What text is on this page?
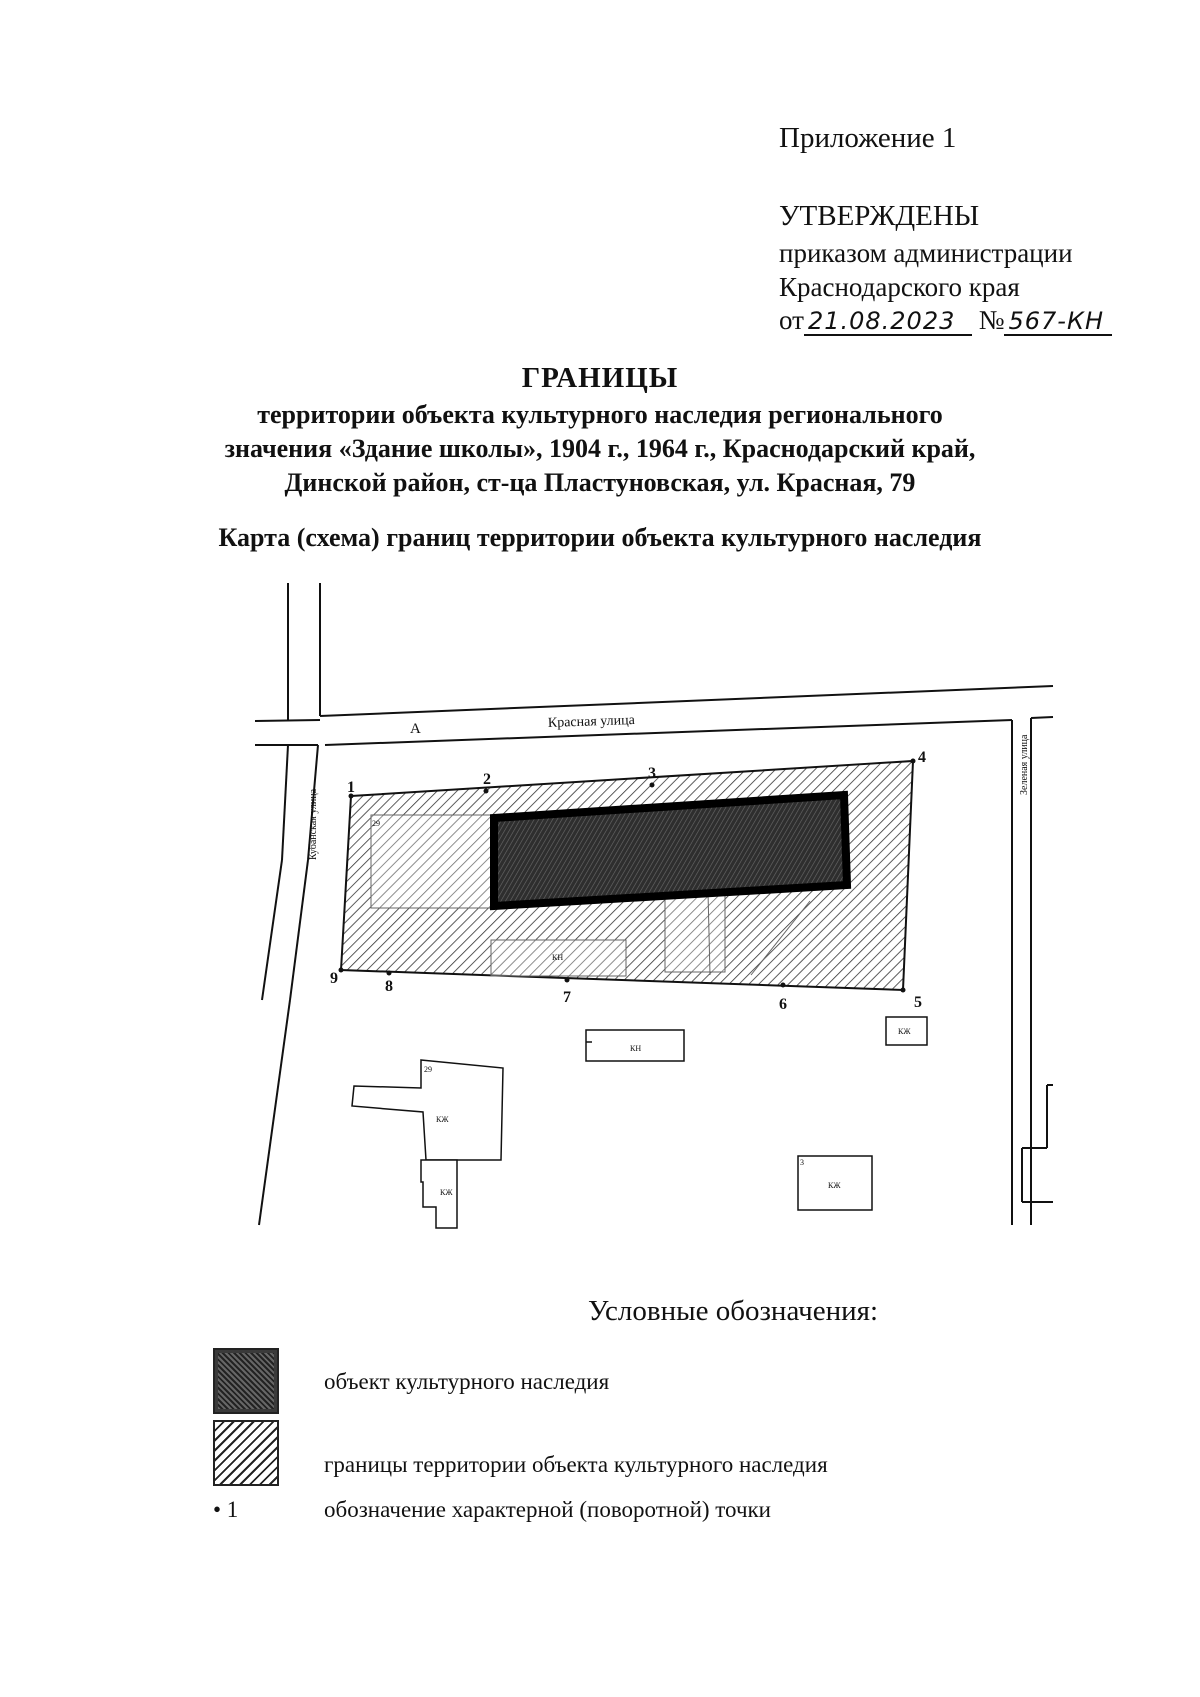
Приложение 1
УТВЕРЖДЕНЫ
приказом администрации
Краснодарского края
от 21.08.2023 № 567-КН
ГРАНИЦЫ
территории объекта культурного наследия регионального
значения «Здание школы», 1904 г., 1964 г., Краснодарский край,
Динской район, ст-ца Пластуновская, ул. Красная, 79
Карта (схема) границ территории объекта культурного наследия
А	Красная улица
Кубанская улица
Зеленая улица
1	2	3
4
5
6
7
8
9
КН
КН
КЖ
КЖ
КЖ
КЖ
29
29
3
Условные обозначения:
объект культурного наследия
границы территории объекта культурного наследия
• 1	обозначение характерной (поворотной) точки
